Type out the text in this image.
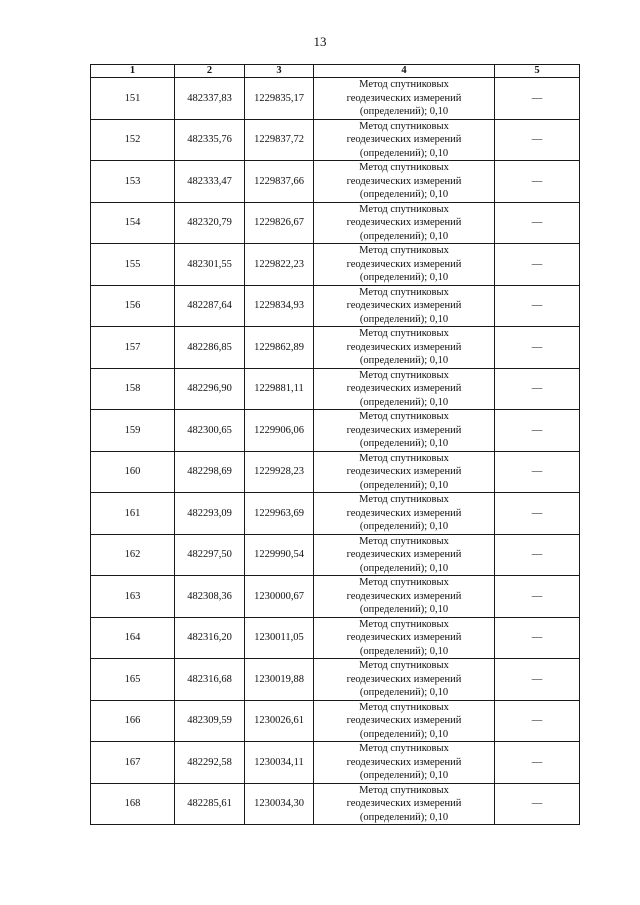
13
1	2	3	4	5
151	482337,83	1229835,17	Метод спутниковых
геодезических измерений
(определений); 0,10	—
152	482335,76	1229837,72	Метод спутниковых
геодезических измерений
(определений); 0,10	—
153	482333,47	1229837,66	Метод спутниковых
геодезических измерений
(определений); 0,10	—
154	482320,79	1229826,67	Метод спутниковых
геодезических измерений
(определений); 0,10	—
155	482301,55	1229822,23	Метод спутниковых
геодезических измерений
(определений); 0,10	—
156	482287,64	1229834,93	Метод спутниковых
геодезических измерений
(определений); 0,10	—
157	482286,85	1229862,89	Метод спутниковых
геодезических измерений
(определений); 0,10	—
158	482296,90	1229881,11	Метод спутниковых
геодезических измерений
(определений); 0,10	—
159	482300,65	1229906,06	Метод спутниковых
геодезических измерений
(определений); 0,10	—
160	482298,69	1229928,23	Метод спутниковых
геодезических измерений
(определений); 0,10	—
161	482293,09	1229963,69	Метод спутниковых
геодезических измерений
(определений); 0,10	—
162	482297,50	1229990,54	Метод спутниковых
геодезических измерений
(определений); 0,10	—
163	482308,36	1230000,67	Метод спутниковых
геодезических измерений
(определений); 0,10	—
164	482316,20	1230011,05	Метод спутниковых
геодезических измерений
(определений); 0,10	—
165	482316,68	1230019,88	Метод спутниковых
геодезических измерений
(определений); 0,10	—
166	482309,59	1230026,61	Метод спутниковых
геодезических измерений
(определений); 0,10	—
167	482292,58	1230034,11	Метод спутниковых
геодезических измерений
(определений); 0,10	—
168	482285,61	1230034,30	Метод спутниковых
геодезических измерений
(определений); 0,10	—
